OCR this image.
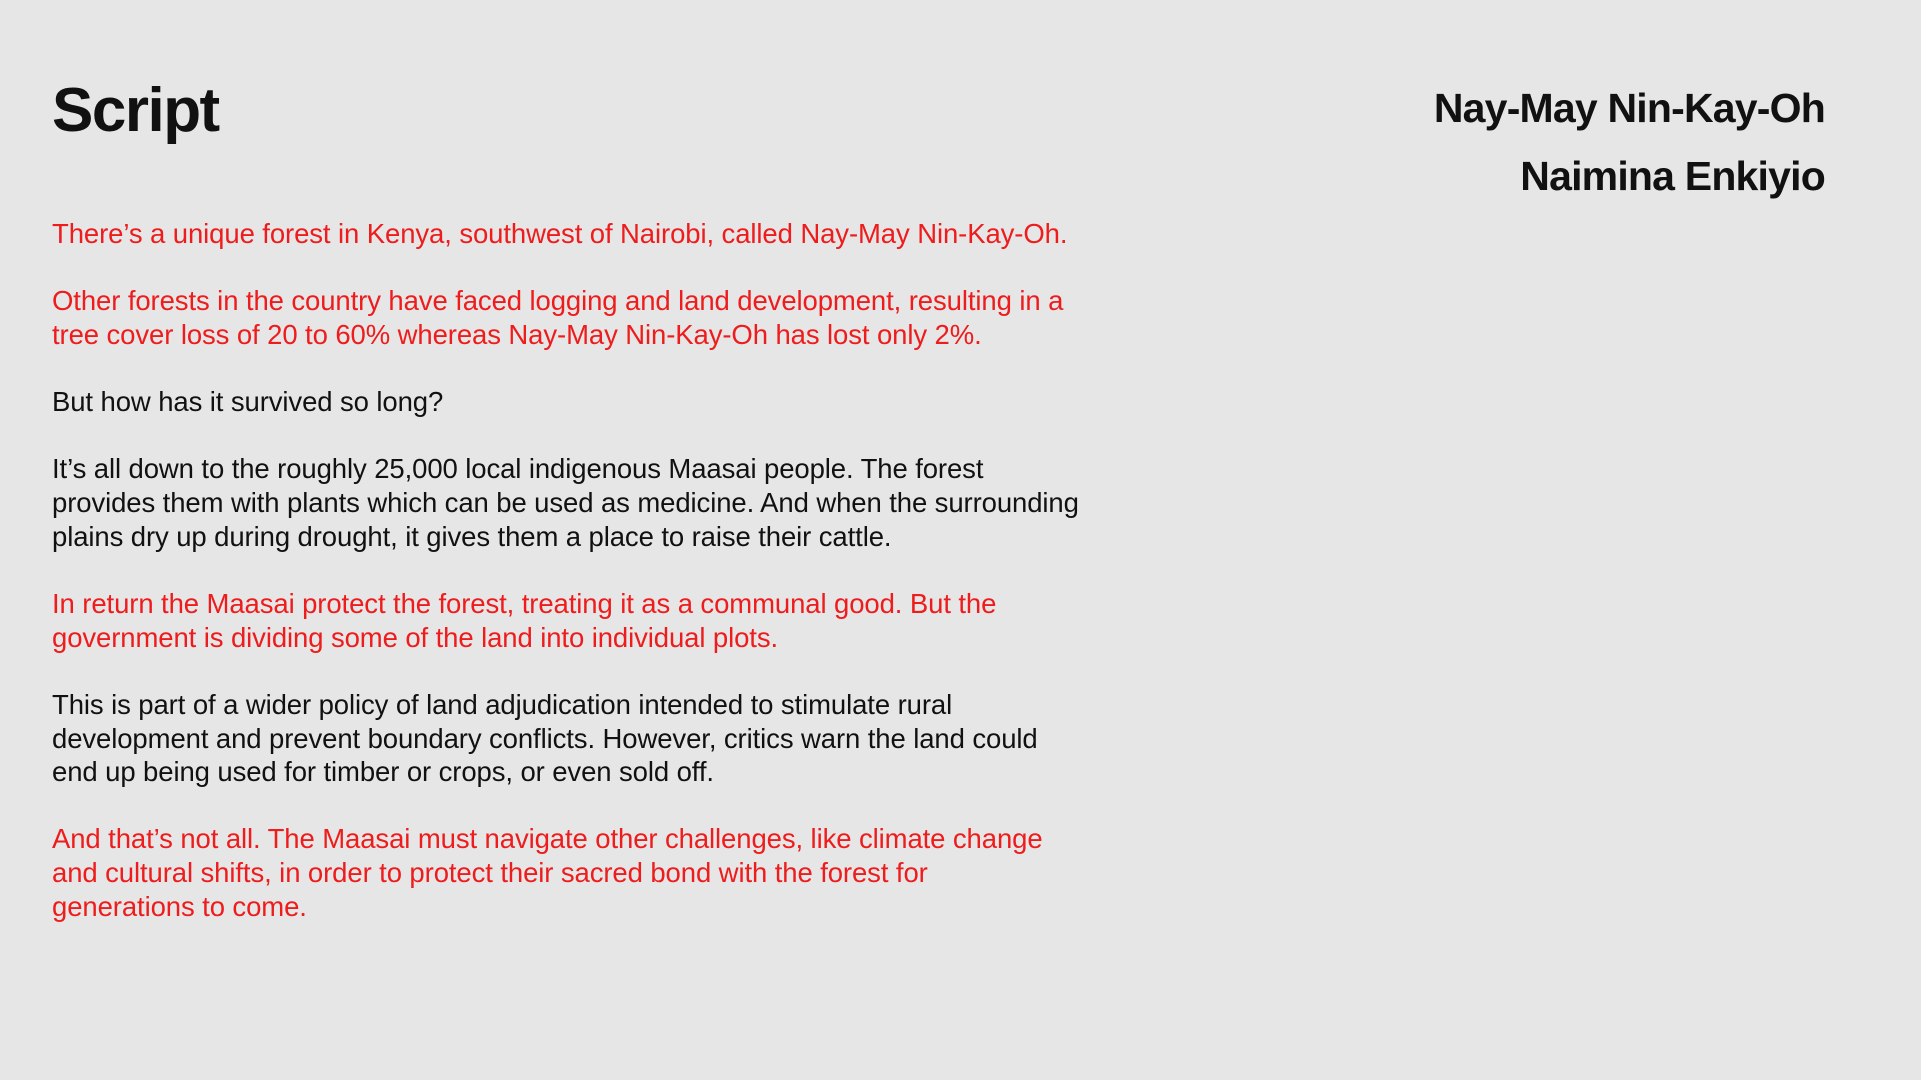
Script	Nay-May Nin-Kay-Oh
Naimina Enkiyio

There’s a unique forest in Kenya, southwest of Nairobi, called Nay-May Nin-Kay-Oh.

Other forests in the country have faced logging and land development, resulting in a
tree cover loss of 20 to 60% whereas Nay-May Nin-Kay-Oh has lost only 2%.

But how has it survived so long?

It’s all down to the roughly 25,000 local indigenous Maasai people. The forest
provides them with plants which can be used as medicine. And when the surrounding
plains dry up during drought, it gives them a place to raise their cattle.

In return the Maasai protect the forest, treating it as a communal good. But the
government is dividing some of the land into individual plots.

This is part of a wider policy of land adjudication intended to stimulate rural
development and prevent boundary conflicts. However, critics warn the land could
end up being used for timber or crops, or even sold off.

And that’s not all. The Maasai must navigate other challenges, like climate change
and cultural shifts, in order to protect their sacred bond with the forest for
generations to come.
